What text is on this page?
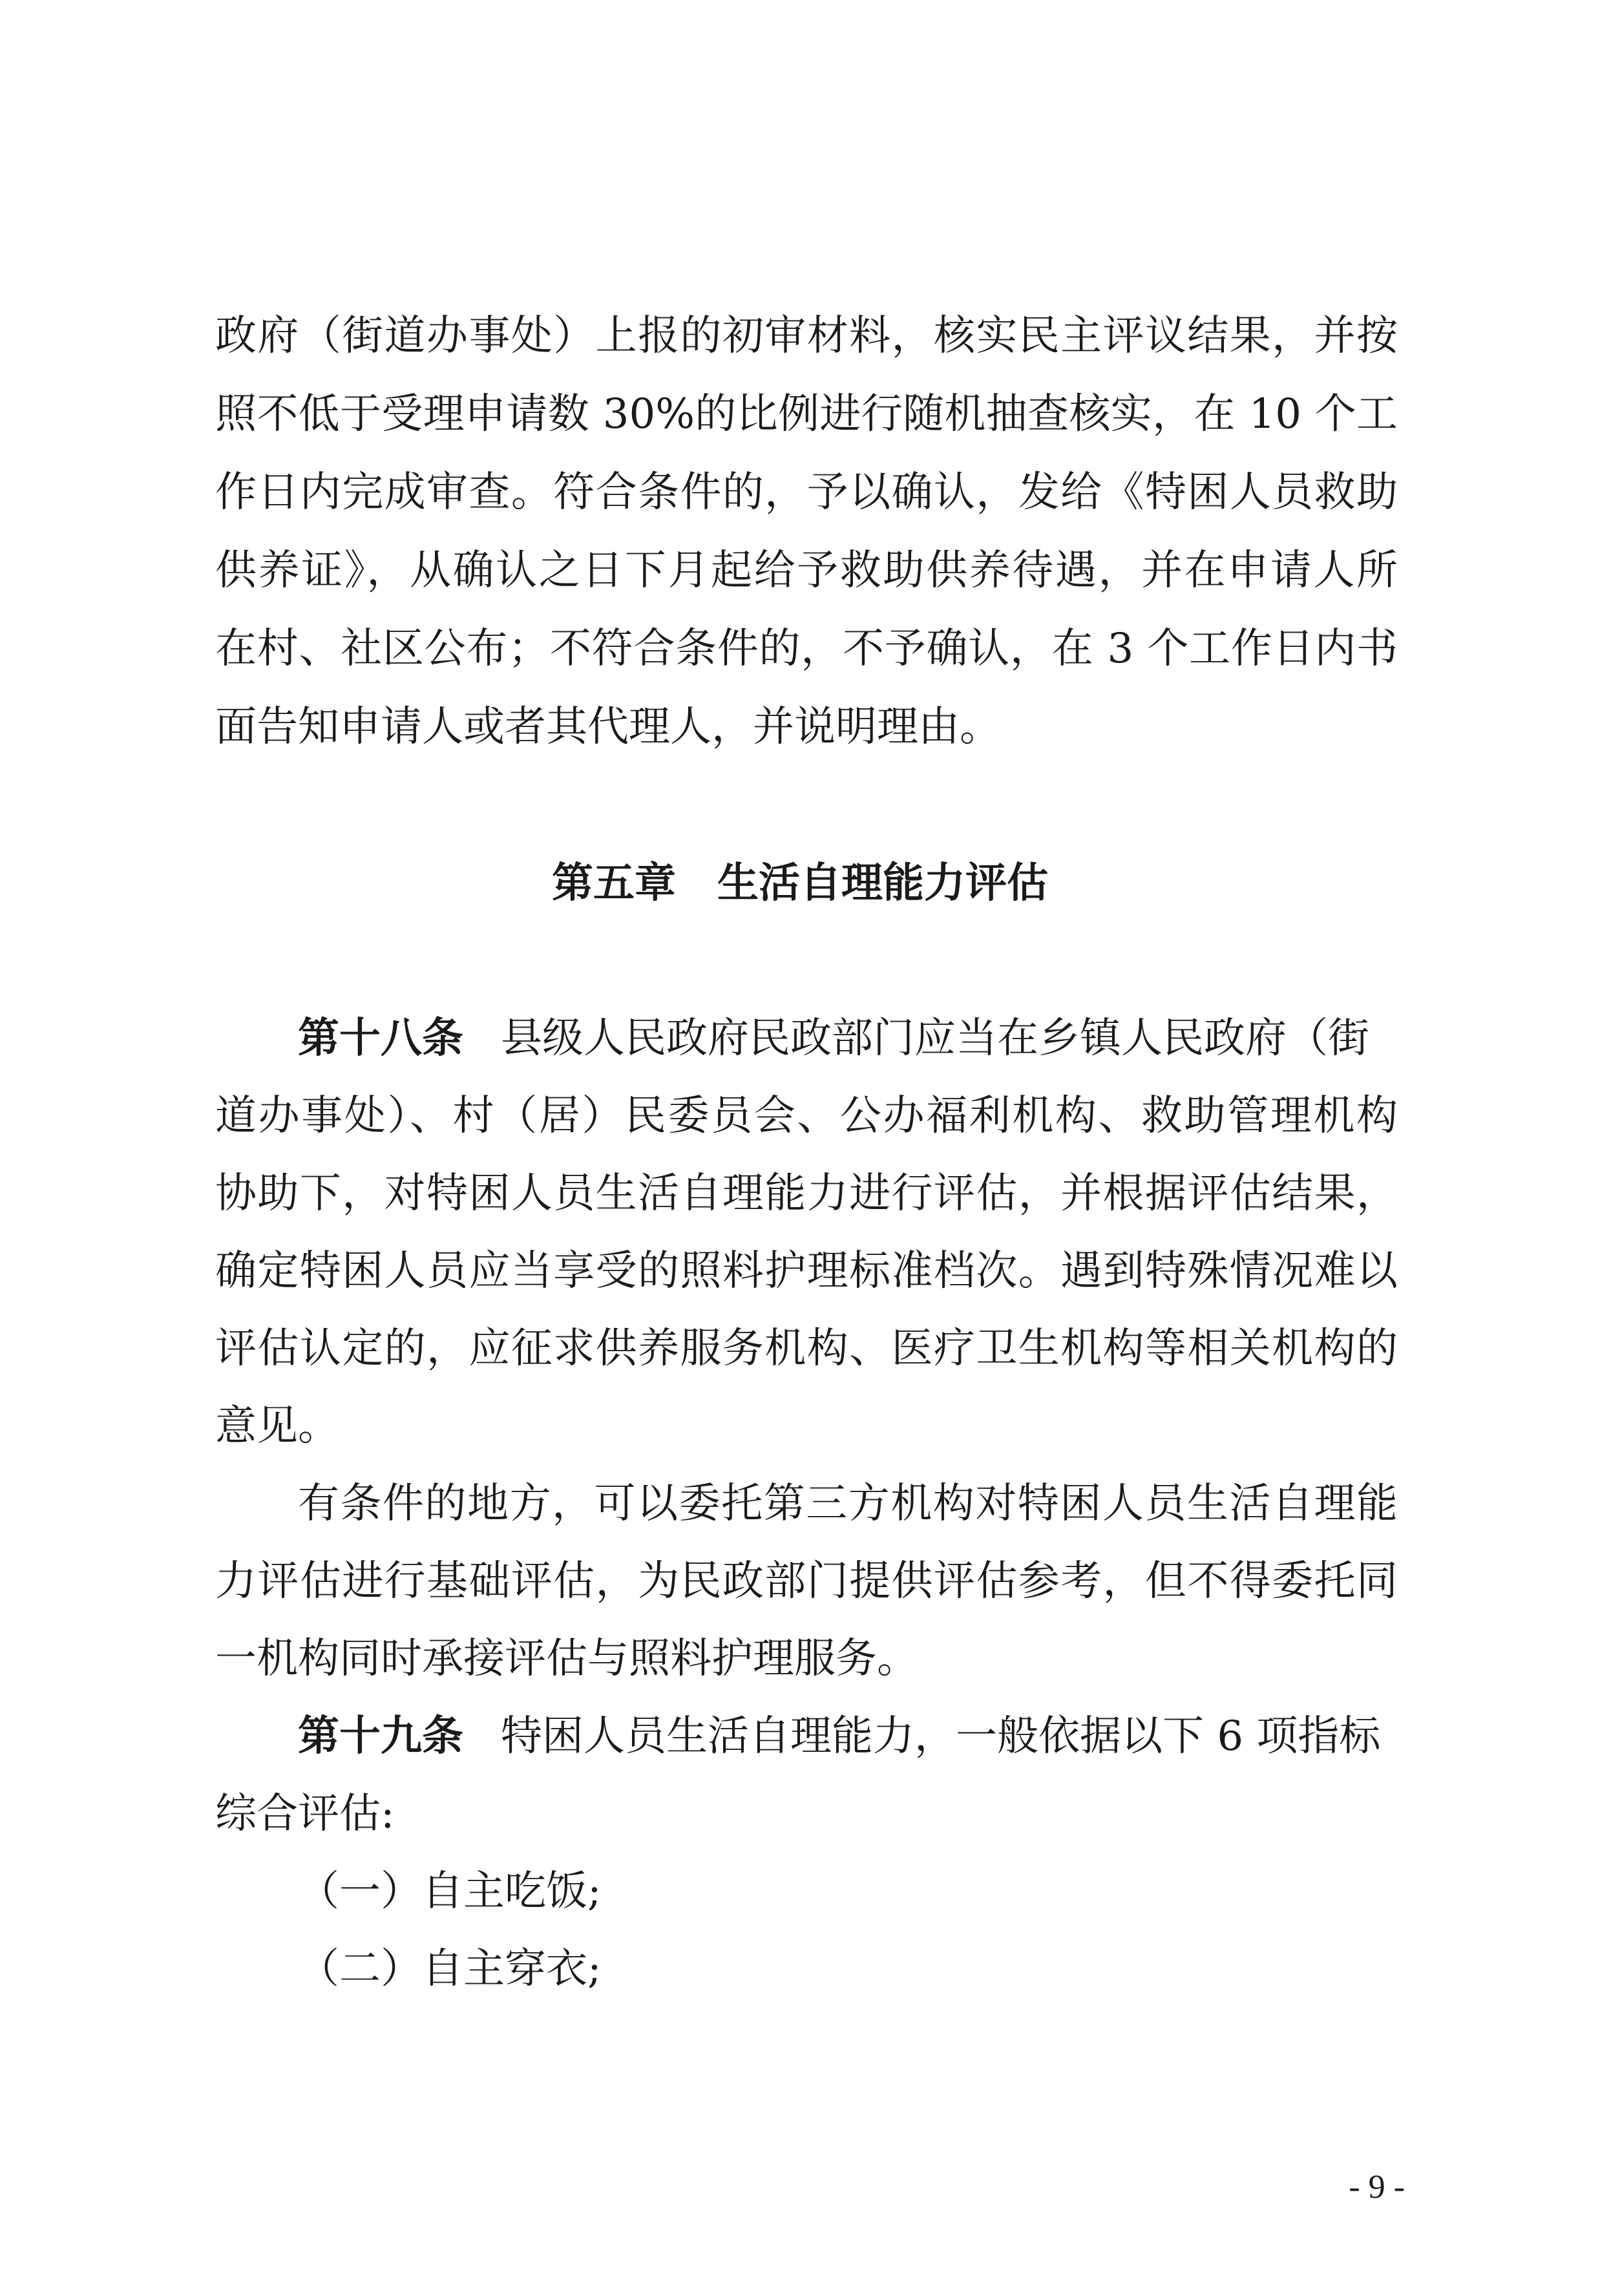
政府（街道办事处）上报的初审材料，核实民主评议结果，并按
照不低于受理申请数 30%的比例进行随机抽查核实，在 10 个工
作日内完成审查。符合条件的，予以确认，发给《特困人员救助
供养证》，从确认之日下月起给予救助供养待遇，并在申请人所
在村、社区公布；不符合条件的，不予确认，在 3 个工作日内书
面告知申请人或者其代理人，并说明理由。
第五章 生活自理能力评估
第十八条 县级人民政府民政部门应当在乡镇人民政府（街
道办事处）、村（居）民委员会、公办福利机构、救助管理机构
协助下，对特困人员生活自理能力进行评估，并根据评估结果，
确定特困人员应当享受的照料护理标准档次。遇到特殊情况难以
评估认定的，应征求供养服务机构、医疗卫生机构等相关机构的
意见。
有条件的地方，可以委托第三方机构对特困人员生活自理能
力评估进行基础评估，为民政部门提供评估参考，但不得委托同
一机构同时承接评估与照料护理服务。
第十九条 特困人员生活自理能力，一般依据以下 6 项指标
综合评估:
（一）自主吃饭;
（二）自主穿衣;
- 9 -
